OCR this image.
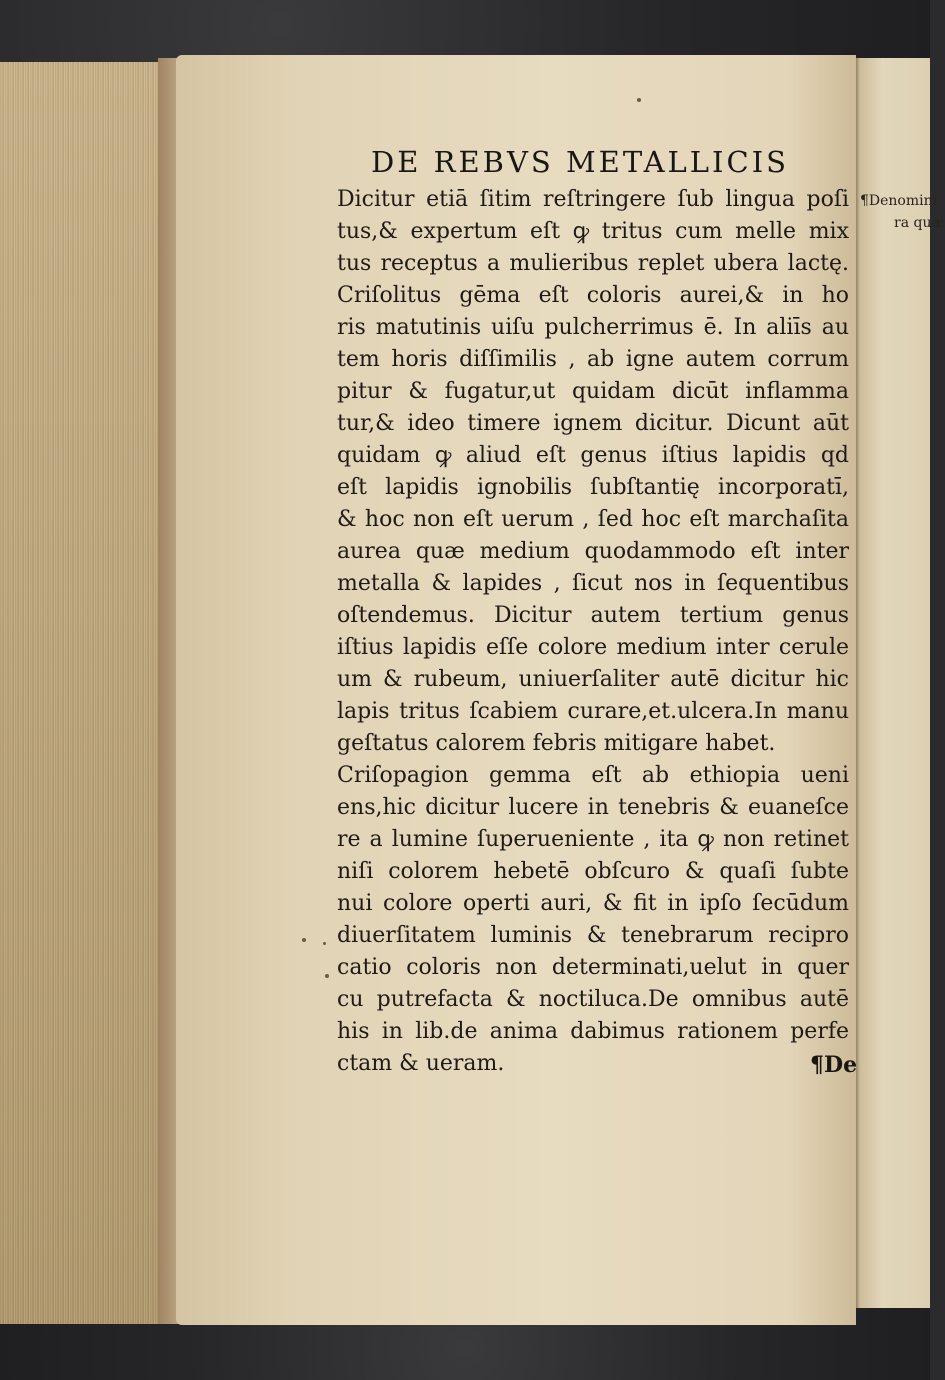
DE REBVS METALLICIS
Dicitur etiā ſitim reſtringere ſub lingua poſi
tus,& expertum eſt ꝙ tritus cum melle mix
tus receptus a mulieribus replet ubera lactę.
Criſolitus gēma eſt coloris aurei,& in ho
ris matutinis uiſu pulcherrimus ē. In aliīs au
tem horis diſſimilis , ab igne autem corrum
pitur & fugatur,ut quidam dicūt inflamma
tur,& ideo timere ignem dicitur. Dicunt aūt
quidam ꝙ aliud eſt genus iſtius lapidis qd
eſt lapidis ignobilis ſubſtantię incorporatī,
& hoc non eſt uerum , ſed hoc eſt marchaſita
aurea quæ medium quodammodo eſt inter
metalla & lapides , ſicut nos in ſequentibus
oſtendemus. Dicitur autem tertium genus
iſtius lapidis eſſe colore medium inter cerule
um & rubeum, uniuerſaliter autē dicitur hic
lapis tritus ſcabiem curare,et.ulcera.In manu
geſtatus calorem febris mitigare habet.
Criſopagion gemma eſt ab ethiopia ueni
ens,hic dicitur lucere in tenebris & euaneſce
re a lumine ſuperueniente , ita ꝙ non retinet
niſi colorem hebetē obſcuro & quaſi ſubte
nui colore operti auri, & fit in ipſo ſecūdum
diuerſitatem luminis & tenebrarum recipro
catio coloris non determinati,uelut in quer
cu putrefacta & noctiluca.De omnibus autē
his in lib.de anima dabimus rationem perfe
ctam & ueram.	¶De
¶Denomini
ra quæ
